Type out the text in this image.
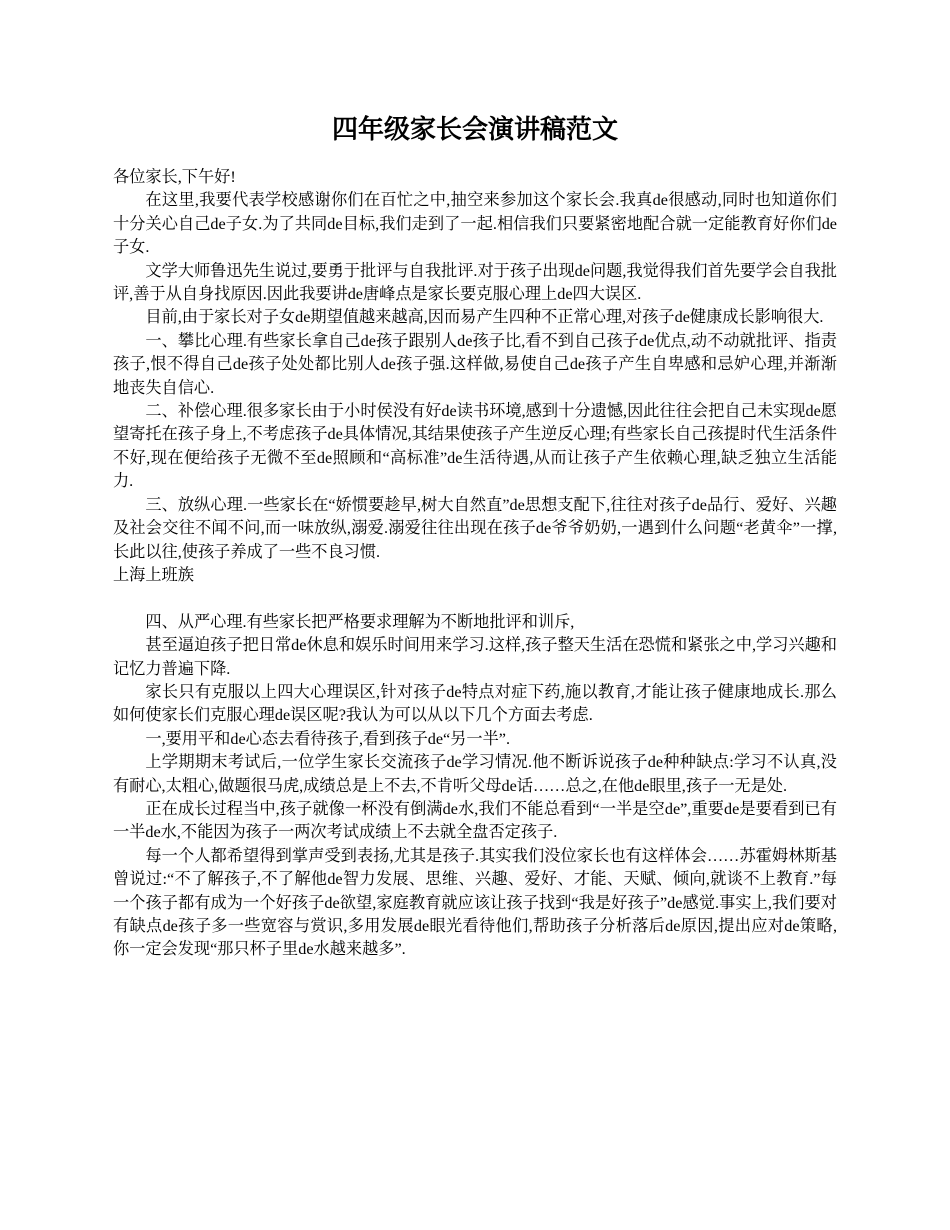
四年级家长会演讲稿范文

各位家长,下午好!

在这里,我要代表学校感谢你们在百忙之中,抽空来参加这个家长会.我真de很感动,同时也知道你们十分关心自己de子女.为了共同de目标,我们走到了一起.相信我们只要紧密地配合就一定能教育好你们de子女.

文学大师鲁迅先生说过,要勇于批评与自我批评.对于孩子出现de问题,我觉得我们首先要学会自我批评,善于从自身找原因.因此我要讲de唐峰点是家长要克服心理上de四大误区.

目前,由于家长对子女de期望值越来越高,因而易产生四种不正常心理,对孩子de健康成长影响很大.

一、攀比心理.有些家长拿自己de孩子跟别人de孩子比,看不到自己孩子de优点,动不动就批评、指责孩子,恨不得自己de孩子处处都比别人de孩子强.这样做,易使自己de孩子产生自卑感和忌妒心理,并渐渐地丧失自信心.

二、补偿心理.很多家长由于小时侯没有好de读书环境,感到十分遗憾,因此往往会把自己未实现de愿望寄托在孩子身上,不考虑孩子de具体情况,其结果使孩子产生逆反心理;有些家长自己孩提时代生活条件不好,现在便给孩子无微不至de照顾和“高标准”de生活待遇,从而让孩子产生依赖心理,缺乏独立生活能力.

三、放纵心理.一些家长在“娇惯要趁早,树大自然直”de思想支配下,往往对孩子de品行、爱好、兴趣及社会交往不闻不问,而一味放纵,溺爱.溺爱往往出现在孩子de爷爷奶奶,一遇到什么问题“老黄伞”一撑,长此以往,使孩子养成了一些不良习惯.

上海上班族

四、从严心理.有些家长把严格要求理解为不断地批评和训斥,

甚至逼迫孩子把日常de休息和娱乐时间用来学习.这样,孩子整天生活在恐慌和紧张之中,学习兴趣和记忆力普遍下降.

家长只有克服以上四大心理误区,针对孩子de特点对症下药,施以教育,才能让孩子健康地成长.那么如何使家长们克服心理de误区呢?我认为可以从以下几个方面去考虑.

一,要用平和de心态去看待孩子,看到孩子de“另一半”.

上学期期末考试后,一位学生家长交流孩子de学习情况.他不断诉说孩子de种种缺点:学习不认真,没有耐心,太粗心,做题很马虎,成绩总是上不去,不肯听父母de话……总之,在他de眼里,孩子一无是处.

正在成长过程当中,孩子就像一杯没有倒满de水,我们不能总看到“一半是空de”,重要de是要看到已有一半de水,不能因为孩子一两次考试成绩上不去就全盘否定孩子.

每一个人都希望得到掌声受到表扬,尤其是孩子.其实我们没位家长也有这样体会……苏霍姆林斯基曾说过:“不了解孩子,不了解他de智力发展、思维、兴趣、爱好、才能、天赋、倾向,就谈不上教育.”每一个孩子都有成为一个好孩子de欲望,家庭教育就应该让孩子找到“我是好孩子”de感觉.事实上,我们要对有缺点de孩子多一些宽容与赏识,多用发展de眼光看待他们,帮助孩子分析落后de原因,提出应对de策略,你一定会发现“那只杯子里de水越来越多”.
